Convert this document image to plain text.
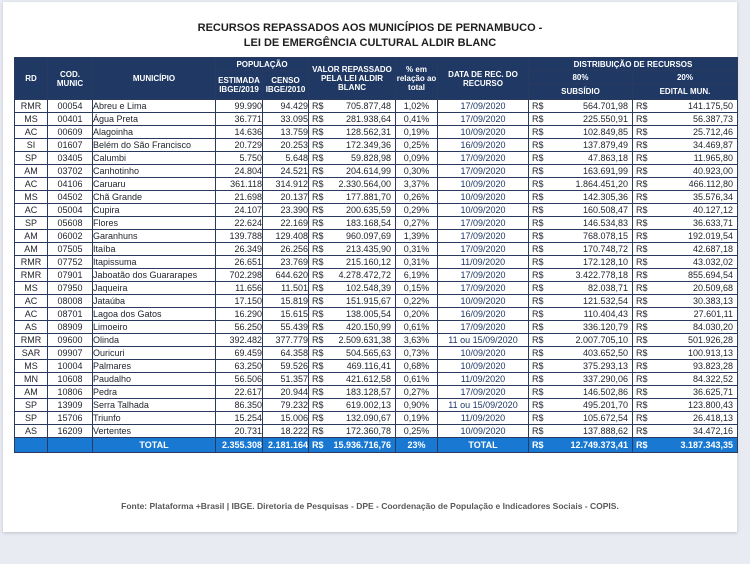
RECURSOS REPASSADOS AOS MUNICÍPIOS DE PERNAMBUCO -
LEI DE EMERGÊNCIA CULTURAL ALDIR BLANC
RD	COD. MUNIC	MUNICÍPIO	POPULAÇÃO		VALOR REPASSADO PELA LEI ALDIR BLANC	% em relação ao total	DATA DE REC. DO RECURSO	DISTRIBUIÇÃO DE RECURSOS	
			ESTIMADA IBGE/2019	CENSO IBGE/2010				80%	20%
								SUBSÍDIO	EDITAL MUN.
RMR	00054	Abreu e Lima	99.990	94.429	R$ 705.877,48	1,02%	17/09/2020	R$ 564.701,98	R$ 141.175,50

MS	00401	Água Preta	36.771	33.095	R$ 281.938,64	0,41%	17/09/2020	R$ 225.550,91	R$ 56.387,73

AC	00609	Alagoinha	14.636	13.759	R$ 128.562,31	0,19%	10/09/2020	R$ 102.849,85	R$ 25.712,46

SI	01607	Belém do São Francisco	20.729	20.253	R$ 172.349,36	0,25%	16/09/2020	R$ 137.879,49	R$ 34.469,87

SP	03405	Calumbi	5.750	5.648	R$ 59.828,98	0,09%	17/09/2020	R$ 47.863,18	R$ 11.965,80

AM	03702	Canhotinho	24.804	24.521	R$ 204.614,99	0,30%	17/09/2020	R$ 163.691,99	R$ 40.923,00

AC	04106	Caruaru	361.118	314.912	R$ 2.330.564,00	3,37%	10/09/2020	R$ 1.864.451,20	R$ 466.112,80

MS	04502	Chã Grande	21.698	20.137	R$ 177.881,70	0,26%	10/09/2020	R$ 142.305,36	R$ 35.576,34

AC	05004	Cupira	24.107	23.390	R$ 200.635,59	0,29%	10/09/2020	R$ 160.508,47	R$ 40.127,12

SP	05608	Flores	22.624	22.169	R$ 183.168,54	0,27%	17/09/2020	R$ 146.534,83	R$ 36.633,71

AM	06002	Garanhuns	139.788	129.408	R$ 960.097,69	1,39%	17/09/2020	R$ 768.078,15	R$ 192.019,54

AM	07505	Itaíba	26.349	26.256	R$ 213.435,90	0,31%	17/09/2020	R$ 170.748,72	R$ 42.687,18

RMR	07752	Itapissuma	26.651	23.769	R$ 215.160,12	0,31%	11/09/2020	R$ 172.128,10	R$ 43.032,02

RMR	07901	Jaboatão dos Guararapes	702.298	644.620	R$ 4.278.472,72	6,19%	17/09/2020	R$ 3.422.778,18	R$ 855.694,54

MS	07950	Jaqueira	11.656	11.501	R$ 102.548,39	0,15%	17/09/2020	R$ 82.038,71	R$ 20.509,68

AC	08008	Jataúba	17.150	15.819	R$ 151.915,67	0,22%	10/09/2020	R$ 121.532,54	R$ 30.383,13

AC	08701	Lagoa dos Gatos	16.290	15.615	R$ 138.005,54	0,20%	16/09/2020	R$ 110.404,43	R$ 27.601,11

AS	08909	Limoeiro	56.250	55.439	R$ 420.150,99	0,61%	17/09/2020	R$ 336.120,79	R$ 84.030,20

RMR	09600	Olinda	392.482	377.779	R$ 2.509.631,38	3,63%	11 ou 15/09/2020	R$ 2.007.705,10	R$ 501.926,28

SAR	09907	Ouricuri	69.459	64.358	R$ 504.565,63	0,73%	10/09/2020	R$ 403.652,50	R$ 100.913,13

MS	10004	Palmares	63.250	59.526	R$ 469.116,41	0,68%	10/09/2020	R$ 375.293,13	R$ 93.823,28

MN	10608	Paudalho	56.506	51.357	R$ 421.612,58	0,61%	11/09/2020	R$ 337.290,06	R$ 84.322,52

AM	10806	Pedra	22.617	20.944	R$ 183.128,57	0,27%	17/09/2020	R$ 146.502,86	R$ 36.625,71

SP	13909	Serra Talhada	86.350	79.232	R$ 619.002,13	0,90%	11 ou 15/09/2020	R$ 495.201,70	R$ 123.800,43

SP	15706	Triunfo	15.254	15.006	R$ 132.090,67	0,19%	11/09/2020	R$ 105.672,54	R$ 26.418,13

AS	16209	Vertentes	20.731	18.222	R$ 172.360,78	0,25%	10/09/2020	R$ 137.888,62	R$ 34.472,16

		TOTAL	2.355.308	2.181.164	R$ 15.936.716,76	23%	TOTAL	R$ 12.749.373,41	R$ 3.187.343,35
Fonte: Plataforma +Brasil | IBGE. Diretoria de Pesquisas - DPE - Coordenação de População e Indicadores Sociais - COPIS.
